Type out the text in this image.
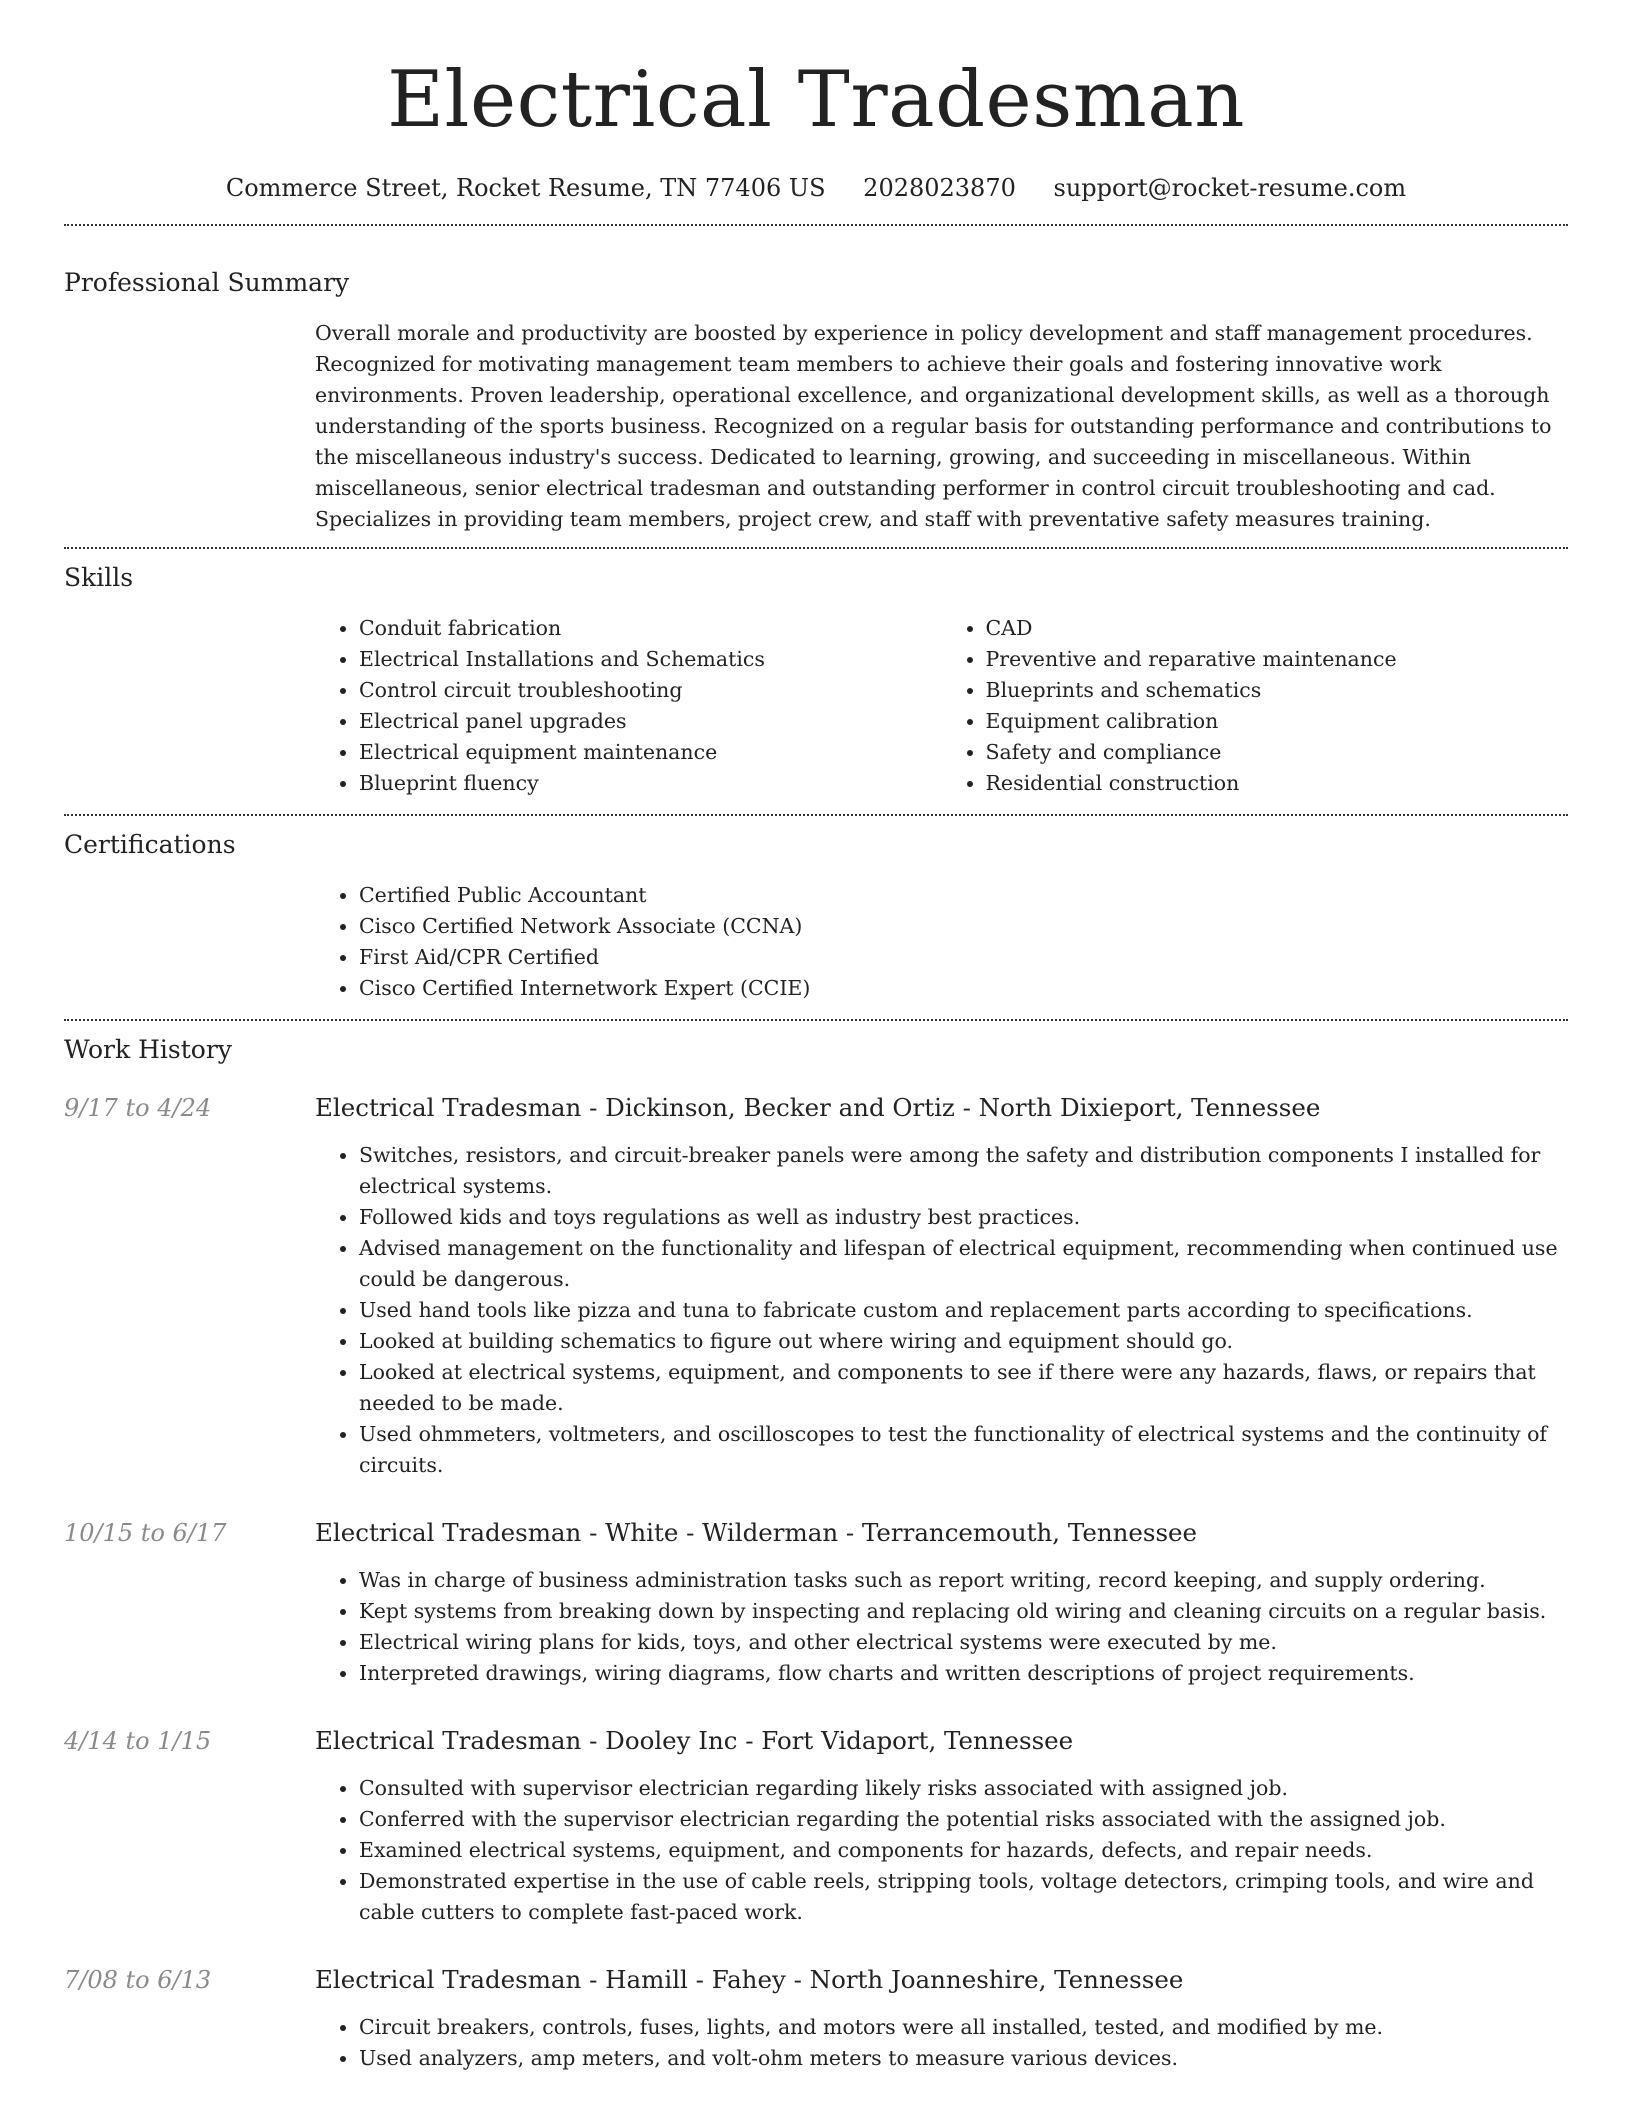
Electrical Tradesman
Commerce Street, Rocket Resume, TN 77406 US 2028023870 support@rocket-resume.com
Professional Summary

Overall morale and productivity are boosted by experience in policy development and staff management procedures. Recognized for motivating management team members to achieve their goals and fostering innovative work environments. Proven leadership, operational excellence, and organizational development skills, as well as a thorough understanding of the sports business. Recognized on a regular basis for outstanding performance and contributions to the miscellaneous industry's success. Dedicated to learning, growing, and succeeding in miscellaneous. Within miscellaneous, senior electrical tradesman and outstanding performer in control circuit troubleshooting and cad. Specializes in providing team members, project crew, and staff with preventative safety measures training.

Skills
• Conduit fabrication
• Electrical Installations and Schematics
• Control circuit troubleshooting
• Electrical panel upgrades
• Electrical equipment maintenance
• Blueprint fluency
• CAD
• Preventive and reparative maintenance
• Blueprints and schematics
• Equipment calibration
• Safety and compliance
• Residential construction
Certifications
• Certified Public Accountant
• Cisco Certified Network Associate (CCNA)
• First Aid/CPR Certified
• Cisco Certified Internetwork Expert (CCIE)
Work History
9/17 to 4/24	Electrical Tradesman - Dickinson, Becker and Ortiz - North Dixieport, Tennessee
• Switches, resistors, and circuit-breaker panels were among the safety and distribution components I installed for electrical systems.
• Followed kids and toys regulations as well as industry best practices.
• Advised management on the functionality and lifespan of electrical equipment, recommending when continued use could be dangerous.
• Used hand tools like pizza and tuna to fabricate custom and replacement parts according to specifications.
• Looked at building schematics to figure out where wiring and equipment should go.
• Looked at electrical systems, equipment, and components to see if there were any hazards, flaws, or repairs that needed to be made.
• Used ohmmeters, voltmeters, and oscilloscopes to test the functionality of electrical systems and the continuity of circuits.
10/15 to 6/17	Electrical Tradesman - White - Wilderman - Terrancemouth, Tennessee
• Was in charge of business administration tasks such as report writing, record keeping, and supply ordering.
• Kept systems from breaking down by inspecting and replacing old wiring and cleaning circuits on a regular basis.
• Electrical wiring plans for kids, toys, and other electrical systems were executed by me.
• Interpreted drawings, wiring diagrams, flow charts and written descriptions of project requirements.
4/14 to 1/15	Electrical Tradesman - Dooley Inc - Fort Vidaport, Tennessee
• Consulted with supervisor electrician regarding likely risks associated with assigned job.
• Conferred with the supervisor electrician regarding the potential risks associated with the assigned job.
• Examined electrical systems, equipment, and components for hazards, defects, and repair needs.
• Demonstrated expertise in the use of cable reels, stripping tools, voltage detectors, crimping tools, and wire and cable cutters to complete fast-paced work.
7/08 to 6/13	Electrical Tradesman - Hamill - Fahey - North Joanneshire, Tennessee
• Circuit breakers, controls, fuses, lights, and motors were all installed, tested, and modified by me.
• Used analyzers, amp meters, and volt-ohm meters to measure various devices.
